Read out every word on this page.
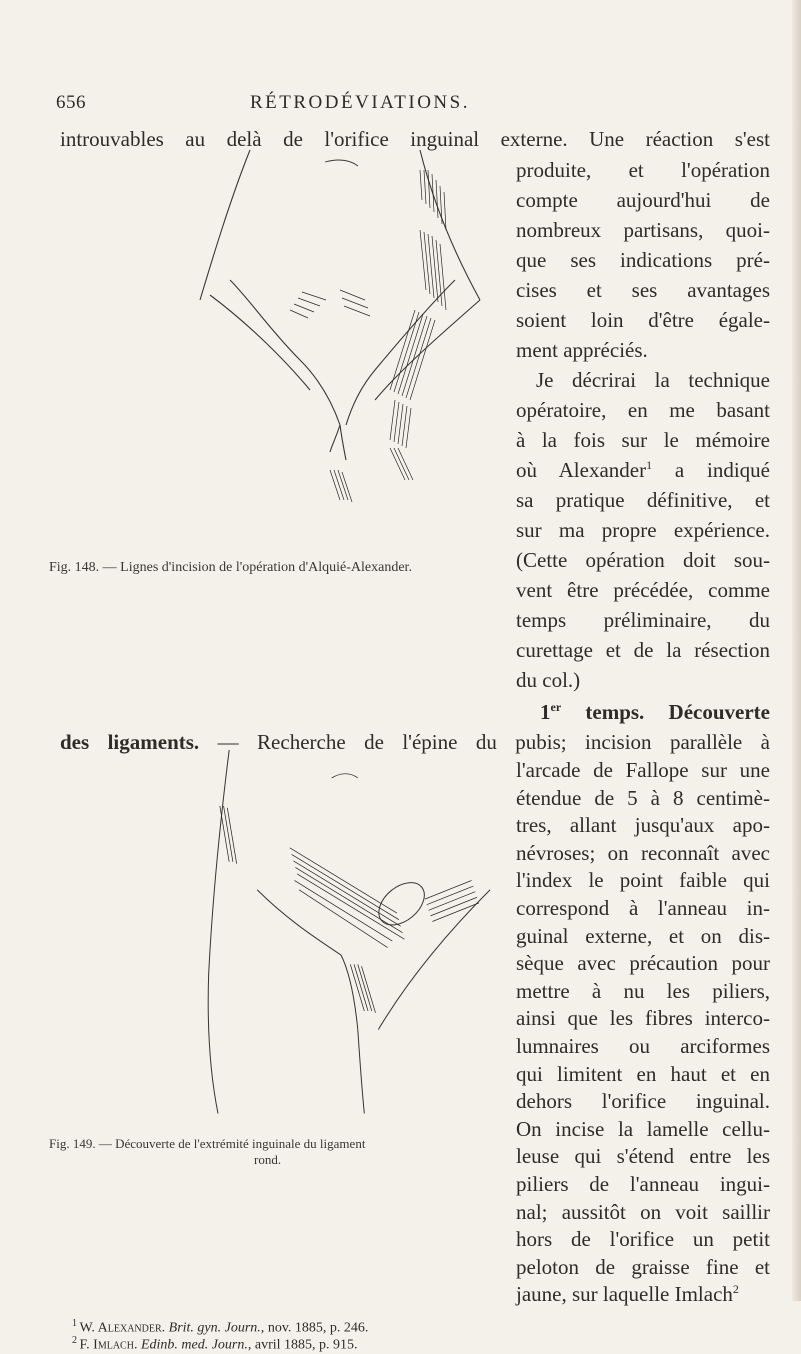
656	RÉTRODÉVIATIONS.
introuvables au delà de l'orifice inguinal externe. Une réaction s'est
produite, et l'opération
compte aujourd'hui de
nombreux partisans, quoi-
que ses indications pré-
cises et ses avantages
soient loin d'être égale-
ment appréciés.
Je décrirai la technique
opératoire, en me basant
à la fois sur le mémoire
où Alexander$^1$ a indiqué
sa pratique définitive, et
sur ma propre expérience.
(Cette opération doit sou-
vent être précédée, comme
temps préliminaire, du
curettage et de la résection
du col.)
1er temps. Découverte
des ligaments. — Recherche de l'épine du pubis; incision parallèle à
l'arcade de Fallope sur une
étendue de 5 à 8 centimè-
tres, allant jusqu'aux apo-
névroses; on reconnaît avec
l'index le point faible qui
correspond à l'anneau in-
guinal externe, et on dis-
sèque avec précaution pour
mettre à nu les piliers,
ainsi que les fibres interco-
lumnaires ou arciformes
qui limitent en haut et en
dehors l'orifice inguinal.
On incise la lamelle cellu-
leuse qui s'étend entre les
piliers de l'anneau ingui-
nal; aussitôt on voit saillir
hors de l'orifice un petit
Fig. 148. — Lignes d'incision de l'opération d'Alquié-Alexander.
Fig. 149. — Découverte de l'extrémité inguinale du ligament
rond.
peloton de graisse fine et
jaune, sur laquelle Imlach$^2$
$^1$ W. Alexander. Brit. gyn. Journ., nov. 1885, p. 246.
$^2$ F. Imlach. Edinb. med. Journ., avril 1885, p. 915.
